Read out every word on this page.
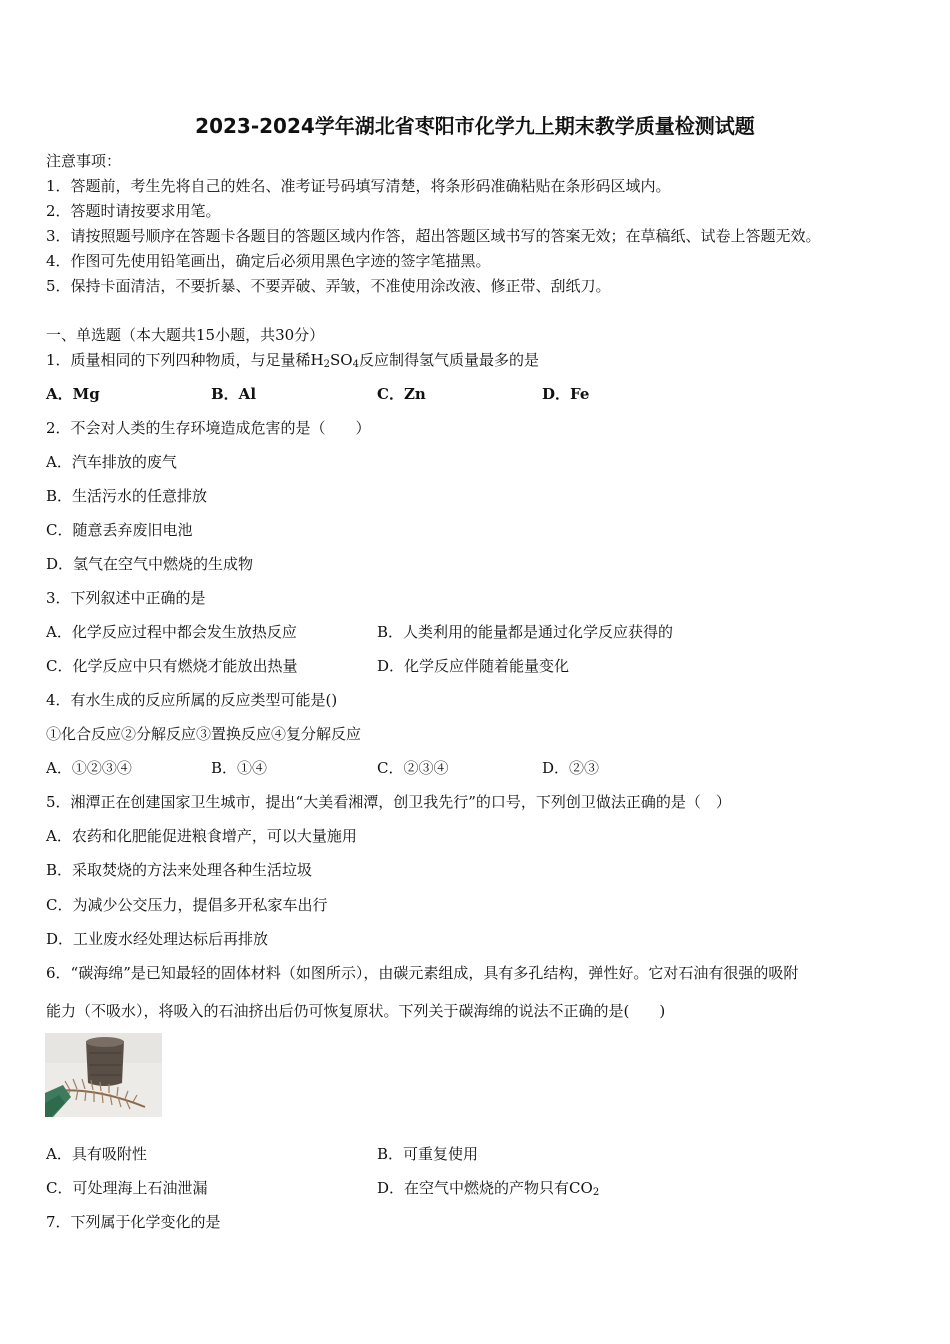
2023-2024学年湖北省枣阳市化学九上期末教学质量检测试题
注意事项：
1．答题前，考生先将自己的姓名、准考证号码填写清楚，将条形码准确粘贴在条形码区域内。
2．答题时请按要求用笔。
3．请按照题号顺序在答题卡各题目的答题区域内作答，超出答题区域书写的答案无效；在草稿纸、试卷上答题无效。
4．作图可先使用铅笔画出，确定后必须用黑色字迹的签字笔描黑。
5．保持卡面清洁，不要折暴、不要弄破、弄皱，不准使用涂改液、修正带、刮纸刀。
一、单选题（本大题共15小题，共30分）
1．质量相同的下列四种物质，与足量稀$H_2SO_4$反应制得氢气质量最多的是
A．Mg	B．Al	C．Zn	D．Fe
2．不会对人类的生存环境造成危害的是（　　）
A．汽车排放的废气
B．生活污水的任意排放
C．随意丢弃废旧电池
D．氢气在空气中燃烧的生成物
3．下列叙述中正确的是
A．化学反应过程中都会发生放热反应	B．人类利用的能量都是通过化学反应获得的
C．化学反应中只有燃烧才能放出热量	D．化学反应伴随着能量变化
4．有水生成的反应所属的反应类型可能是()
①化合反应②分解反应③置换反应④复分解反应
A．①②③④	B．①④	C．②③④	D．②③
5．湘潭正在创建国家卫生城市，提出“大美看湘潭，创卫我先行”的口号，下列创卫做法正确的是（　）
A．农药和化肥能促进粮食增产，可以大量施用
B．采取焚烧的方法来处理各种生活垃圾
C．为减少公交压力，提倡多开私家车出行
D．工业废水经处理达标后再排放
6．“碳海绵”是已知最轻的固体材料（如图所示），由碳元素组成，具有多孔结构，弹性好。它对石油有很强的吸附
能力（不吸水），将吸入的石油挤出后仍可恢复原状。下列关于碳海绵的说法不正确的是(　　)
A．具有吸附性	B．可重复使用
C．可处理海上石油泄漏	D．在空气中燃烧的产物只有$CO_2$
7．下列属于化学变化的是
